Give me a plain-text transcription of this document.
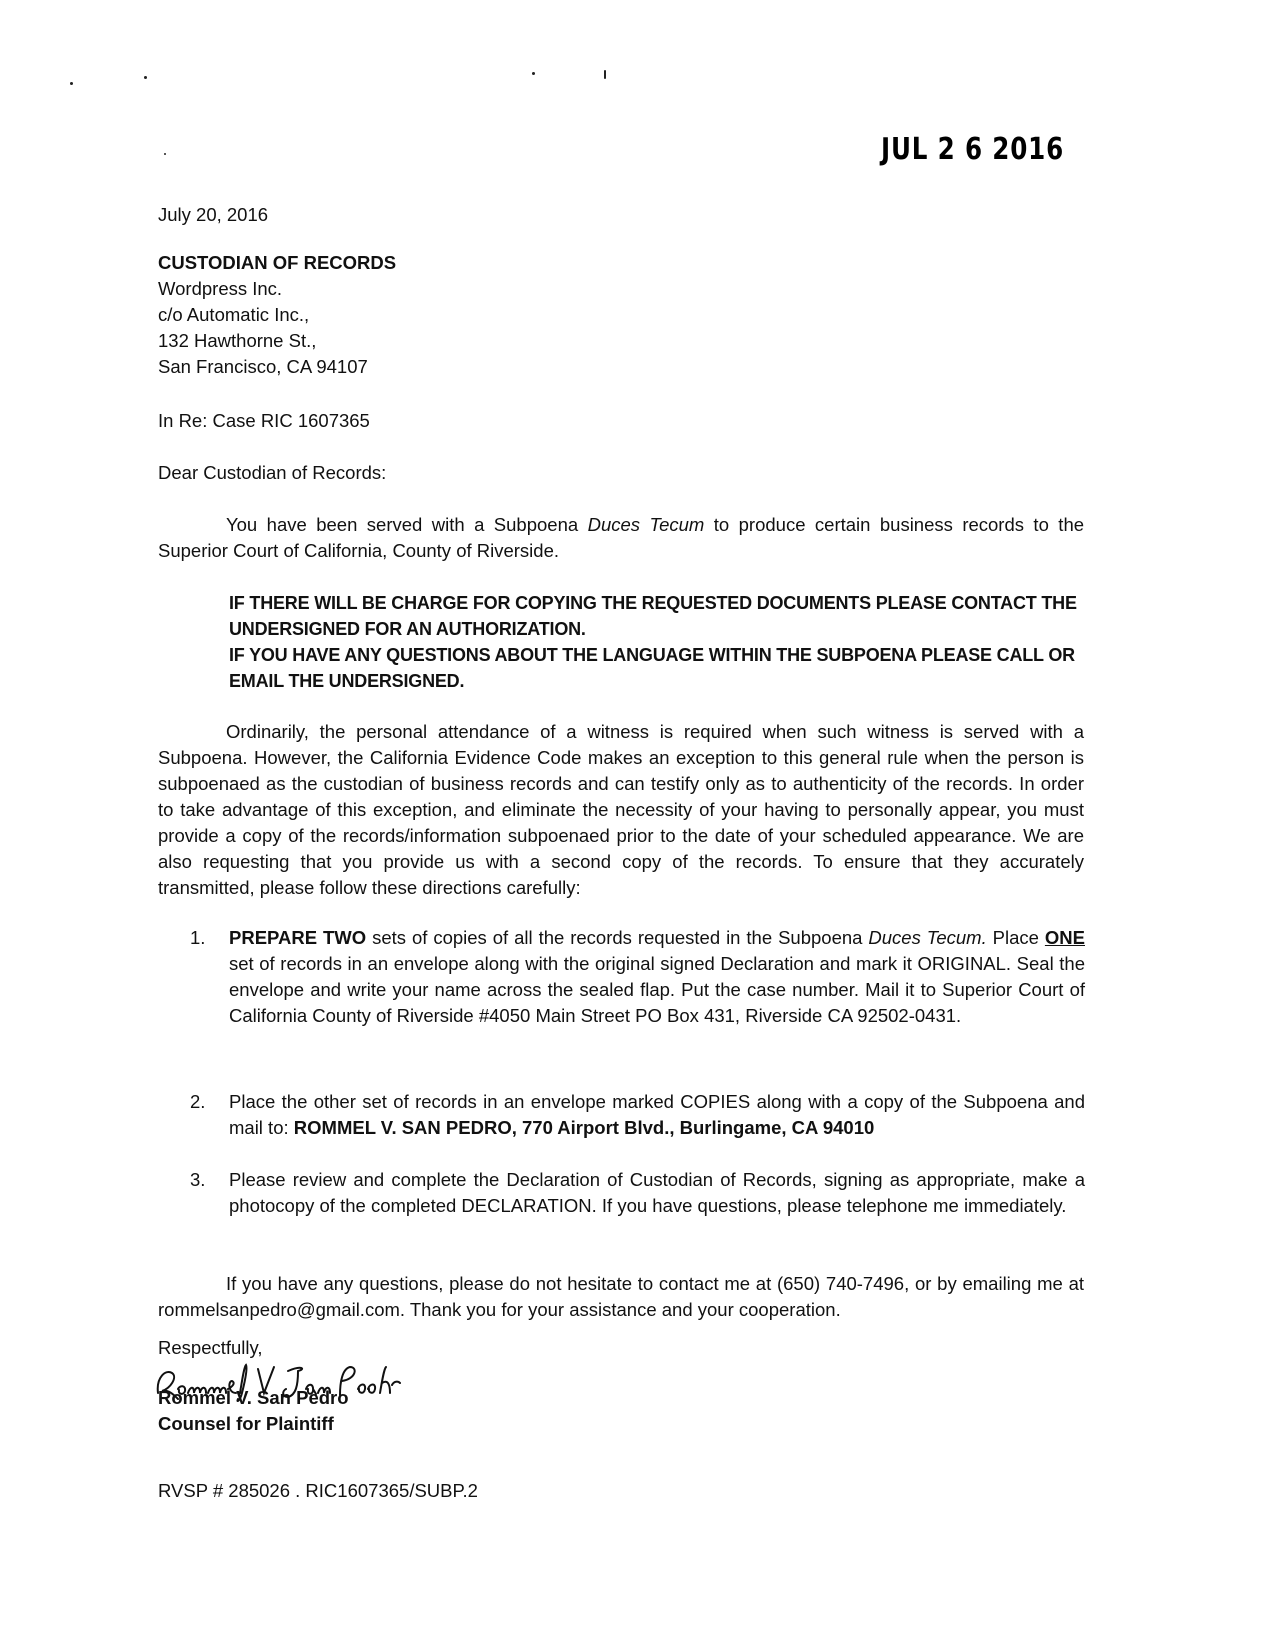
JUL 2 6 2016
July 20, 2016
CUSTODIAN OF RECORDS
Wordpress Inc.
c/o Automatic Inc.,
132 Hawthorne St.,
San Francisco, CA 94107
In Re: Case RIC 1607365
Dear Custodian of Records:
You have been served with a Subpoena Duces Tecum to produce certain business records to the Superior Court of California, County of Riverside.
IF THERE WILL BE CHARGE FOR COPYING THE REQUESTED DOCUMENTS PLEASE CONTACT THE UNDERSIGNED FOR AN AUTHORIZATION.
IF YOU HAVE ANY QUESTIONS ABOUT THE LANGUAGE WITHIN THE SUBPOENA PLEASE CALL OR EMAIL THE UNDERSIGNED.
Ordinarily, the personal attendance of a witness is required when such witness is served with a Subpoena. However, the California Evidence Code makes an exception to this general rule when the person is subpoenaed as the custodian of business records and can testify only as to authenticity of the records. In order to take advantage of this exception, and eliminate the necessity of your having to personally appear, you must provide a copy of the records/information subpoenaed prior to the date of your scheduled appearance. We are also requesting that you provide us with a second copy of the records. To ensure that they accurately transmitted, please follow these directions carefully:
1.	PREPARE TWO sets of copies of all the records requested in the Subpoena Duces Tecum. Place ONE set of records in an envelope along with the original signed Declaration and mark it ORIGINAL. Seal the envelope and write your name across the sealed flap. Put the case number. Mail it to Superior Court of California County of Riverside #4050 Main Street PO Box 431, Riverside CA 92502-0431.
2.	Place the other set of records in an envelope marked COPIES along with a copy of the Subpoena and mail to: ROMMEL V. SAN PEDRO, 770 Airport Blvd., Burlingame, CA 94010
3.	Please review and complete the Declaration of Custodian of Records, signing as appropriate, make a photocopy of the completed DECLARATION. If you have questions, please telephone me immediately.
If you have any questions, please do not hesitate to contact me at (650) 740-7496, or by emailing me at rommelsanpedro@gmail.com. Thank you for your assistance and your cooperation.
Respectfully,
Rommel V. San Pedro
Counsel for Plaintiff
RVSP # 285026 . RIC1607365/SUBP.2
